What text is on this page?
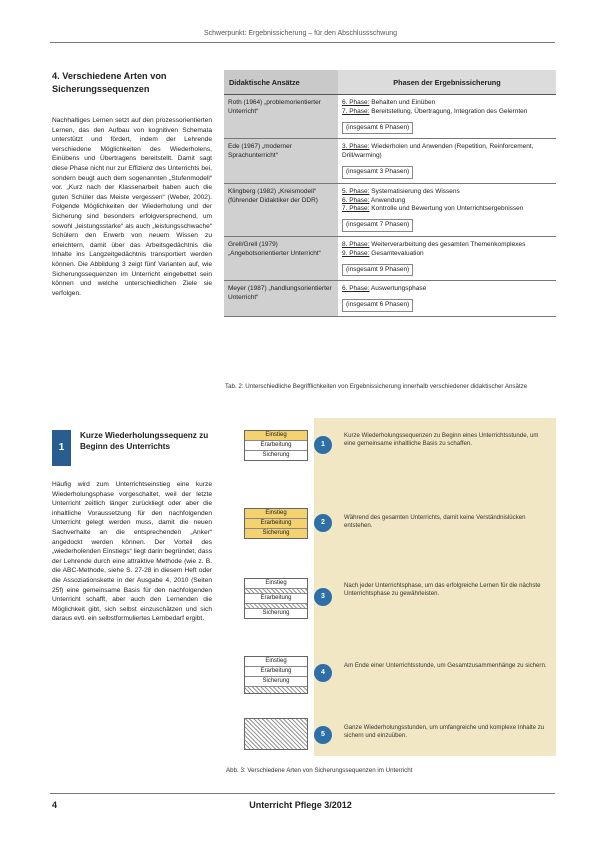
Schwerpunkt: Ergebnissicherung – für den Abschlussschwung
4. Verschiedene Arten von Sicherungssequenzen
Nachhaltiges Lernen setzt auf den prozessorientierten Lernen, das den Aufbau von kognitiven Schemata unterstützt und fördert, indem der Lehrende verschiedene Möglichkeiten des Wiederholens, Einübens und Übertragens bereitstellt. Damit sagt diese Phase nicht nur zur Effizienz des Unterrichts bei, sondern beugt auch dem sogenannten „Stufenmodell“ vor. „Kurz nach der Klassenarbeit haben auch die guten Schüler das Meiste vergessen“ (Weber, 2002). Folgende Möglichkeiten der Wiederholung und der Sicherung sind besonders erfolgversprechend, um sowohl „leistungsstarke“ als auch „leistungsschwache“ Schülern den Erwerb von neuem Wissen zu erleichtern, damit über das Arbeitsgedächtnis die Inhalte ins Langzeitgedächtnis transportiert werden können. Die Abbildung 3 zeigt fünf Varianten auf, wie Sicherungssequenzen im Unterricht eingebettet sein können und welche unterschiedlichen Ziele sie verfolgen.
1
Kurze Wiederholungssequenz zu Beginn des Unterrichts
Häufig wird zum Unterrichtseinstieg eine kurze Wiederholungsphase vorgeschaltet, weil der letzte Unterricht zeitlich länger zurückliegt oder aber die inhaltliche Voraussetzung für den nachfolgenden Unterricht gelegt werden muss, damit die neuen Sachverhalte an die entsprechenden „Anker“ angedockt werden können. Der Vorteil des „wiederholenden Einstiegs“ liegt darin begründet, dass der Lehrende durch eine attraktive Methode (wie z. B. die ABC-Methode, siehe S. 27-28 in diesem Heft oder die Assoziationskette in der Ausgabe 4, 2010 (Seiten 25f) eine gemeinsame Basis für den nachfolgenden Unterricht schafft, aber auch den Lernenden die Möglichkeit gibt, sich selbst einzuschätzen und sich daraus evtl. ein selbstformuliertes Lernbedarf ergibt.
Didaktische Ansätze	Phasen der Ergebnissicherung
Roth (1964) „problemorientierter Unterricht“	6. Phase: Behalten und Einüben
7. Phase: Bereitstellung, Übertragung, Integration des Gelernten
(insgesamt 6 Phasen)
Ede (1967) „moderner Sprachunterricht“	3. Phase: Wiederholen und Anwenden (Repetition, Reinforcement, Drill/warming)
(insgesamt 3 Phasen)
Klingberg (1982) „Kreismodell“ (führender Didaktiker der DDR)	5. Phase: Systematisierung des Wissens
6. Phase: Anwendung
7. Phase: Kontrolle und Bewertung von Unterrichtsergebnissen
(insgesamt 7 Phasen)
Grell/Grell (1979) „Angebotsorientierter Unterricht“	8. Phase: Weiterverarbeitung des gesamten Themenkomplexes
9. Phase: Gesamtevaluation
(insgesamt 9 Phasen)
Meyer (1987) „handlungsorientierter Unterricht“	6. Phase: Auswertungsphase
(insgesamt 6 Phasen)
Tab. 2: Unterschiedliche Begrifflichkeiten von Ergebnissicherung innerhalb verschiedener didaktischer Ansätze
Einstieg
Erarbeitung
Sicherung
1
Kurze Wiederholungssequenzen zu Beginn eines Unterrichtsstunde, um eine gemeinsame inhaltliche Basis zu schaffen.
Einstieg
Erarbeitung
Sicherung
2
Während des gesamten Unterrichts, damit keine Verständnislücken entstehen.
Einstieg
Erarbeitung
Sicherung
3
Nach jeder Unterrichtsphase, um das erfolgreiche Lernen für die nächste Unterrichtsphase zu gewährleisten.
Einstieg
Erarbeitung
Sicherung
4
Am Ende einer Unterrichtsstunde, um Gesamtzusammenhänge zu sichern.
5
Ganze Wiederholungsstunden, um umfangreiche und komplexe Inhalte zu sichern und einzuüben.
Abb. 3: Verschiedene Arten von Sicherungssequenzen im Unterricht
4	Unterricht Pflege 3/2012
